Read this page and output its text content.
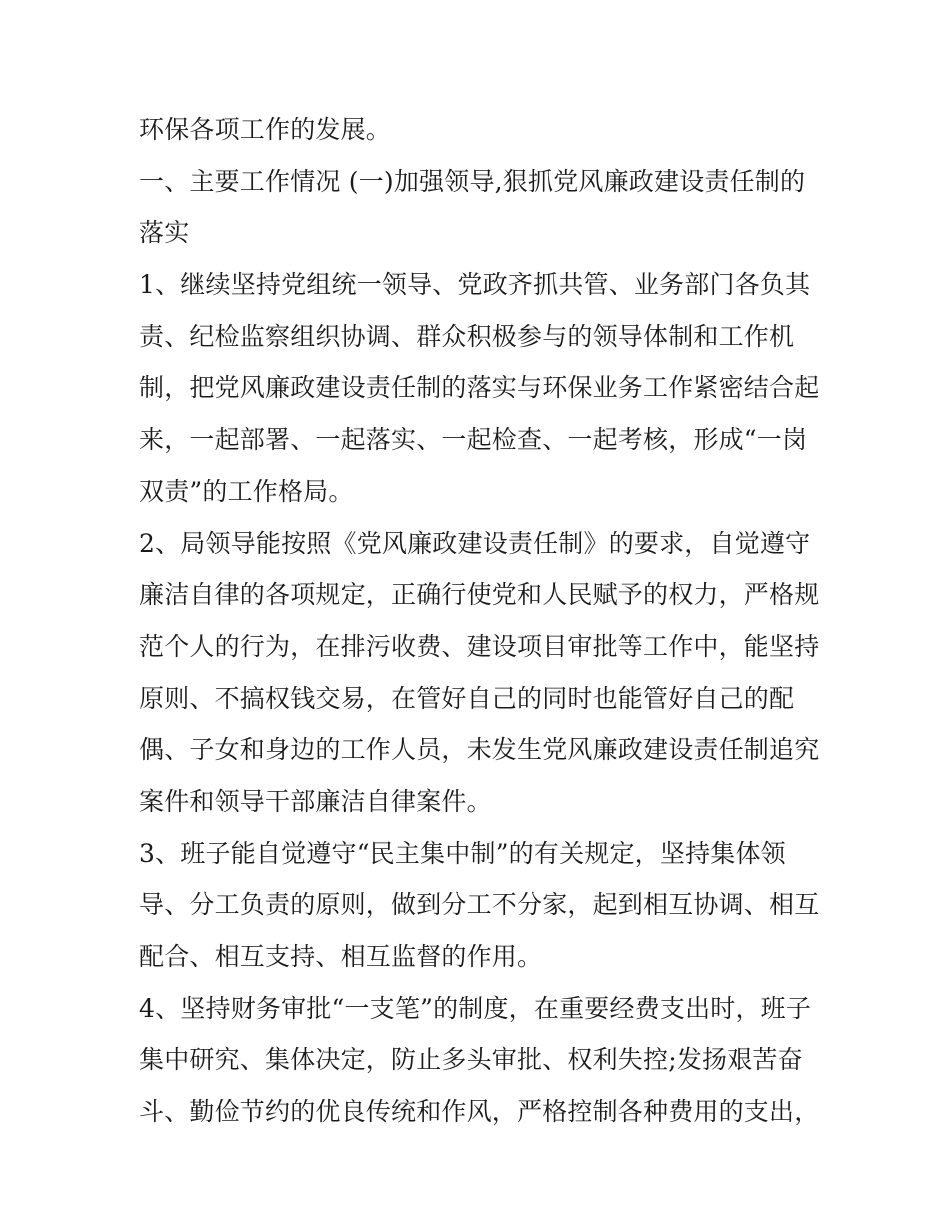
环保各项工作的发展。
一、主要工作情况 (一)加强领导,狠抓党风廉政建设责任制的
落实
1、继续坚持党组统一领导、党政齐抓共管、业务部门各负其
责、纪检监察组织协调、群众积极参与的领导体制和工作机
制，把党风廉政建设责任制的落实与环保业务工作紧密结合起
来，一起部署、一起落实、一起检查、一起考核，形成“一岗
双责”的工作格局。
2、局领导能按照《党风廉政建设责任制》的要求，自觉遵守
廉洁自律的各项规定，正确行使党和人民赋予的权力，严格规
范个人的行为，在排污收费、建设项目审批等工作中，能坚持
原则、不搞权钱交易，在管好自己的同时也能管好自己的配
偶、子女和身边的工作人员，未发生党风廉政建设责任制追究
案件和领导干部廉洁自律案件。
3、班子能自觉遵守“民主集中制”的有关规定，坚持集体领
导、分工负责的原则，做到分工不分家，起到相互协调、相互
配合、相互支持、相互监督的作用。
4、坚持财务审批“一支笔”的制度，在重要经费支出时，班子
集中研究、集体决定，防止多头审批、权利失控;发扬艰苦奋
斗、勤俭节约的优良传统和作风，严格控制各种费用的支出，
